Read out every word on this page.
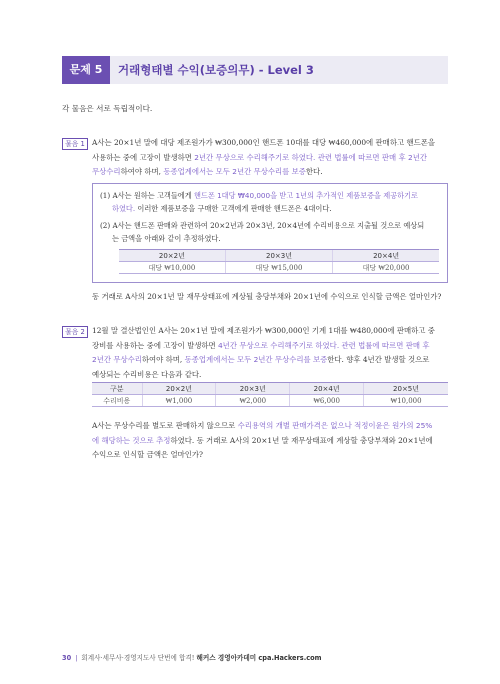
문제 5	거래형태별 수익(보증의무) - Level 3
각 물음은 서로 독립적이다.
물음 1 A사는 20×1년 말에 대당 제조원가가 ₩300,000인 핸드폰 10대를 대당 ₩460,000에 판매하고 핸드폰을
사용하는 중에 고장이 발생하면 2년간 무상으로 수리해주기로 하였다. 관련 법률에 따르면 판매 후 2년간
무상수리하여야 하며, 동종업계에서는 모두 2년간 무상수리를 보증한다.
(1) A사는 원하는 고객들에게 핸드폰 1대당 ₩40,000을 받고 1년의 추가적인 제품보증을 제공하기로
하였다. 이러한 제품보증을 구매한 고객에게 판매한 핸드폰은 4대이다.
(2) A사는 핸드폰 판매와 관련하여 20×2년과 20×3년, 20×4년에 수리비용으로 지출될 것으로 예상되
는 금액을 아래와 같이 추정하였다.
20×2년	20×3년	20×4년
대당 ₩10,000	대당 ₩15,000	대당 ₩20,000
동 거래로 A사의 20×1년 말 재무상태표에 계상될 충당부채와 20×1년에 수익으로 인식할 금액은 얼마인가?
물음 2 12월 말 결산법인인 A사는 20×1년 말에 제조원가가 ₩300,000인 기계 1대를 ₩480,000에 판매하고 중
장비를 사용하는 중에 고장이 발생하면 4년간 무상으로 수리해주기로 하였다. 관련 법률에 따르면 판매 후
2년간 무상수리하여야 하며, 동종업계에서는 모두 2년간 무상수리를 보증한다. 향후 4년간 발생할 것으로
예상되는 수리비용은 다음과 같다.
구분	20×2년	20×3년	20×4년	20×5년
수리비용	₩1,000	₩2,000	₩6,000	₩10,000
A사는 무상수리를 별도로 판매하지 않으므로 수리용역의 개별 판매가격은 없으나 적정이윤은 원가의 25%
에 해당하는 것으로 추정하였다. 동 거래로 A사의 20×1년 말 재무상태표에 계상할 충당부채와 20×1년에
수익으로 인식할 금액은 얼마인가?
30 | 회계사·세무사·경영지도사 단번에 합격! 해커스 경영아카데미 cpa.Hackers.com
